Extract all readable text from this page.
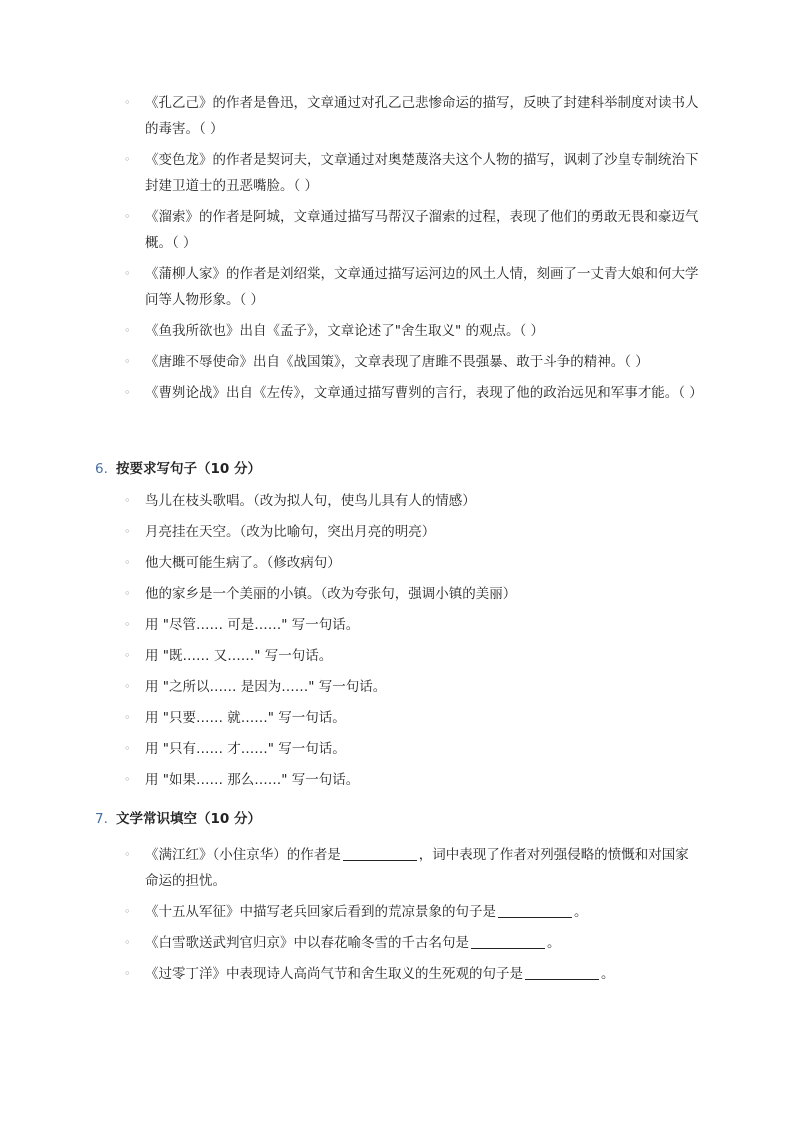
◦ 《孔乙己》的作者是鲁迅，文章通过对孔乙己悲惨命运的描写，反映了封建科举制度对读书人的毒害。（ ）
◦ 《变色龙》的作者是契诃夫，文章通过对奥楚蔑洛夫这个人物的描写，讽刺了沙皇专制统治下封建卫道士的丑恶嘴脸。（ ）
◦ 《溜索》的作者是阿城，文章通过描写马帮汉子溜索的过程，表现了他们的勇敢无畏和豪迈气概。（ ）
◦ 《蒲柳人家》的作者是刘绍棠，文章通过描写运河边的风土人情，刻画了一丈青大娘和何大学问等人物形象。（ ）
◦ 《鱼我所欲也》出自《孟子》，文章论述了"舍生取义" 的观点。（ ）
◦ 《唐雎不辱使命》出自《战国策》，文章表现了唐雎不畏强暴、敢于斗争的精神。（ ）
◦ 《曹刿论战》出自《左传》，文章通过描写曹刿的言行，表现了他的政治远见和军事才能。（ ）
6. 按要求写句子（10 分）
◦ 鸟儿在枝头歌唱。（改为拟人句，使鸟儿具有人的情感）
◦ 月亮挂在天空。（改为比喻句，突出月亮的明亮）
◦ 他大概可能生病了。（修改病句）
◦ 他的家乡是一个美丽的小镇。（改为夸张句，强调小镇的美丽）
◦ 用 "尽管…… 可是……" 写一句话。
◦ 用 "既…… 又……" 写一句话。
◦ 用 "之所以…… 是因为……" 写一句话。
◦ 用 "只要…… 就……" 写一句话。
◦ 用 "只有…… 才……" 写一句话。
◦ 用 "如果…… 那么……" 写一句话。
7. 文学常识填空（10 分）
◦ 《满江红》（小住京华）的作者是	，词中表现了作者对列强侵略的愤慨和对国家命运的担忧。
◦ 《十五从军征》中描写老兵回家后看到的荒凉景象的句子是	。
◦ 《白雪歌送武判官归京》中以春花喻冬雪的千古名句是	。
◦ 《过零丁洋》中表现诗人高尚气节和舍生取义的生死观的句子是	。
